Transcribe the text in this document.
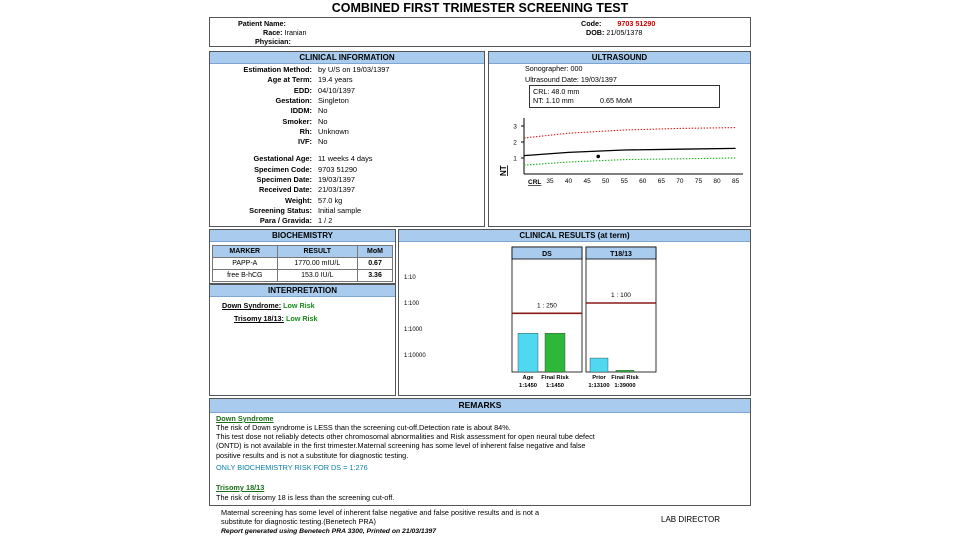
COMBINED FIRST TRIMESTER SCREENING TEST
Patient Name:
Race: Iranian
Physician:
Code: 9703 51290
DOB: 21/05/1378
CLINICAL INFORMATION
Estimation Method: by U/S on 19/03/1397
Age at Term: 19.4 years
EDD: 04/10/1397
Gestation: Singleton
IDDM: No
Smoker: No
Rh: Unknown
IVF: No
Gestational Age: 11 weeks 4 days
Specimen Code: 9703 51290
Specimen Date: 19/03/1397
Received Date: 21/03/1397
Weight: 57.0 kg
Screening Status: Initial sample
Para / Gravida: 1 / 2
ULTRASOUND
Sonographer: 000
Ultrasound Date: 19/03/1397
CRL: 48.0 mm
NT: 1.10 mm	0.65 MoM
1
2
3
35 40 45 50 55 60 65 70 75 80 85
CRL
NT
BIOCHEMISTRY
MARKER	RESULT	MoM
PAPP-A	1770.00 mIU/L	0.67
free B-hCG	153.0 IU/L	3.36
INTERPRETATION
Down Syndrome: Low Risk
Trisomy 18/13: Low Risk
CLINICAL RESULTS (at term)
1:10
1:100
1:1000
1:10000
DS
1 : 250
Age
1:1450
Final Risk
1:1450
T18/13
1 : 100
Prior
1:13100
Final Risk
1:39000
REMARKS
Down Syndrome
The risk of Down syndrome is LESS than the screening cut-off.Detection rate is about 84%.
This test dose not reliably detects other chromosomal abnormalities and Risk assessment for open neural tube defect
(ONTD) is not available in the first trimester.Maternal screening has some level of inherent false negative and false
positive results and is not a substitute for diagnostic testing.
ONLY BIOCHEMISTRY RISK FOR DS = 1:276
Trisomy 18/13
The risk of trisomy 18 is less than the screening cut-off.
Maternal screening has some level of inherent false negative and false positive results and is not a
substitute for diagnostic testing.(Benetech PRA)
Report generated using Benetech PRA 3300, Printed on 21/03/1397
LAB DIRECTOR
